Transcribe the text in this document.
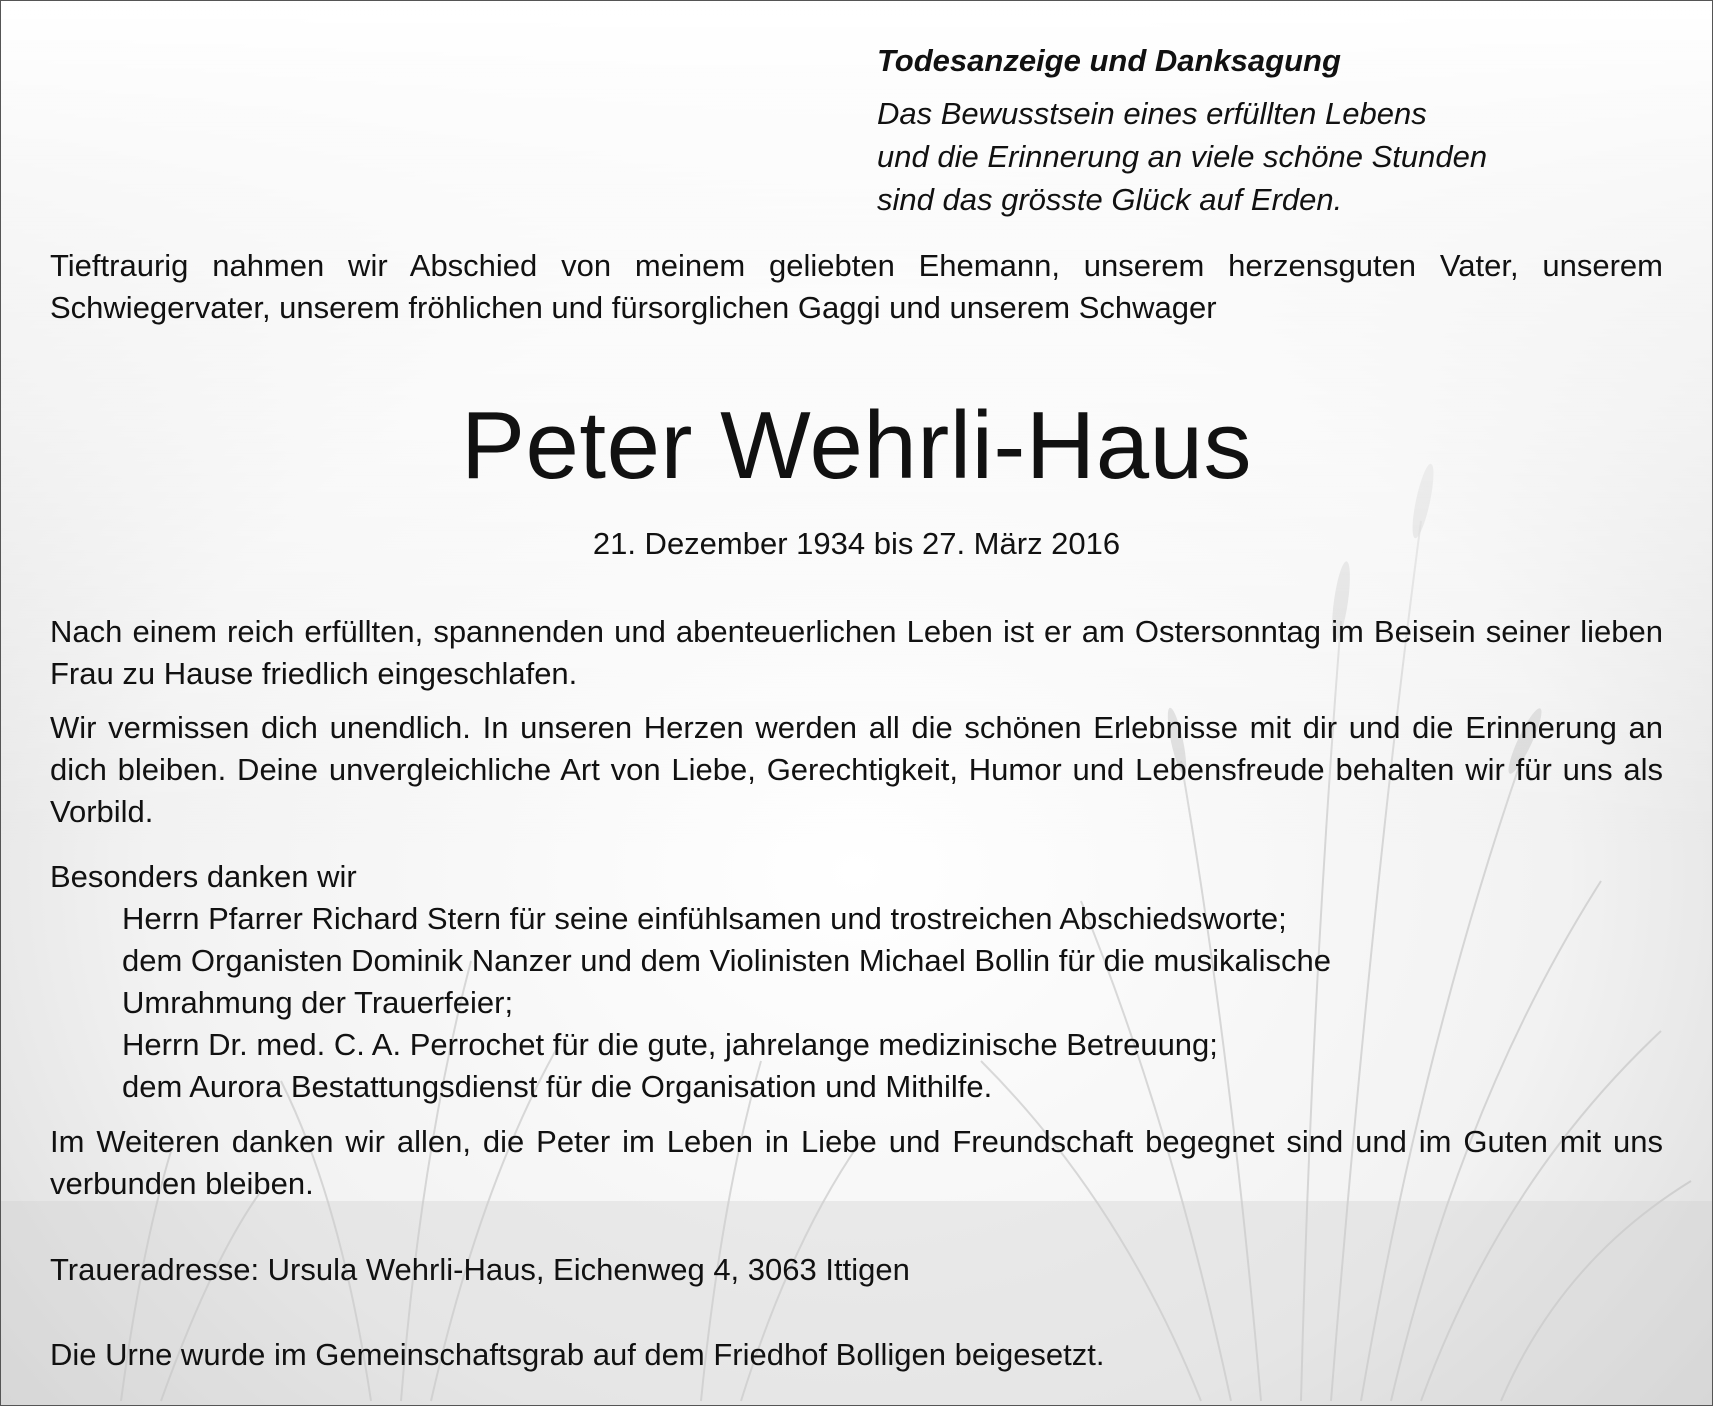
Todesanzeige und Danksagung
Das Bewusstsein eines erfüllten Lebens
und die Erinnerung an viele schöne Stunden
sind das grösste Glück auf Erden.
Tieftraurig nahmen wir Abschied von meinem geliebten Ehemann, unserem herzensguten Vater, unserem Schwiegervater, unserem fröhlichen und fürsorglichen Gaggi und unserem Schwager
Peter Wehrli-Haus
21. Dezember 1934 bis 27. März 2016
Nach einem reich erfüllten, spannenden und abenteuerlichen Leben ist er am Ostersonntag im Beisein seiner lieben Frau zu Hause friedlich eingeschlafen.
Wir vermissen dich unendlich. In unseren Herzen werden all die schönen Erlebnisse mit dir und die Erinnerung an dich bleiben. Deine unvergleichliche Art von Liebe, Gerechtigkeit, Humor und Lebensfreude behalten wir für uns als Vorbild.
Besonders danken wir
Herrn Pfarrer Richard Stern für seine einfühlsamen und trostreichen Abschiedsworte;
dem Organisten Dominik Nanzer und dem Violinisten Michael Bollin für die musikalische
Umrahmung der Trauerfeier;
Herrn Dr. med. C. A. Perrochet für die gute, jahrelange medizinische Betreuung;
dem Aurora Bestattungsdienst für die Organisation und Mithilfe.
Im Weiteren danken wir allen, die Peter im Leben in Liebe und Freundschaft begegnet sind und im Guten mit uns verbunden bleiben.
Traueradresse: Ursula Wehrli-Haus, Eichenweg 4, 3063 Ittigen
Die Urne wurde im Gemeinschaftsgrab auf dem Friedhof Bolligen beigesetzt.
